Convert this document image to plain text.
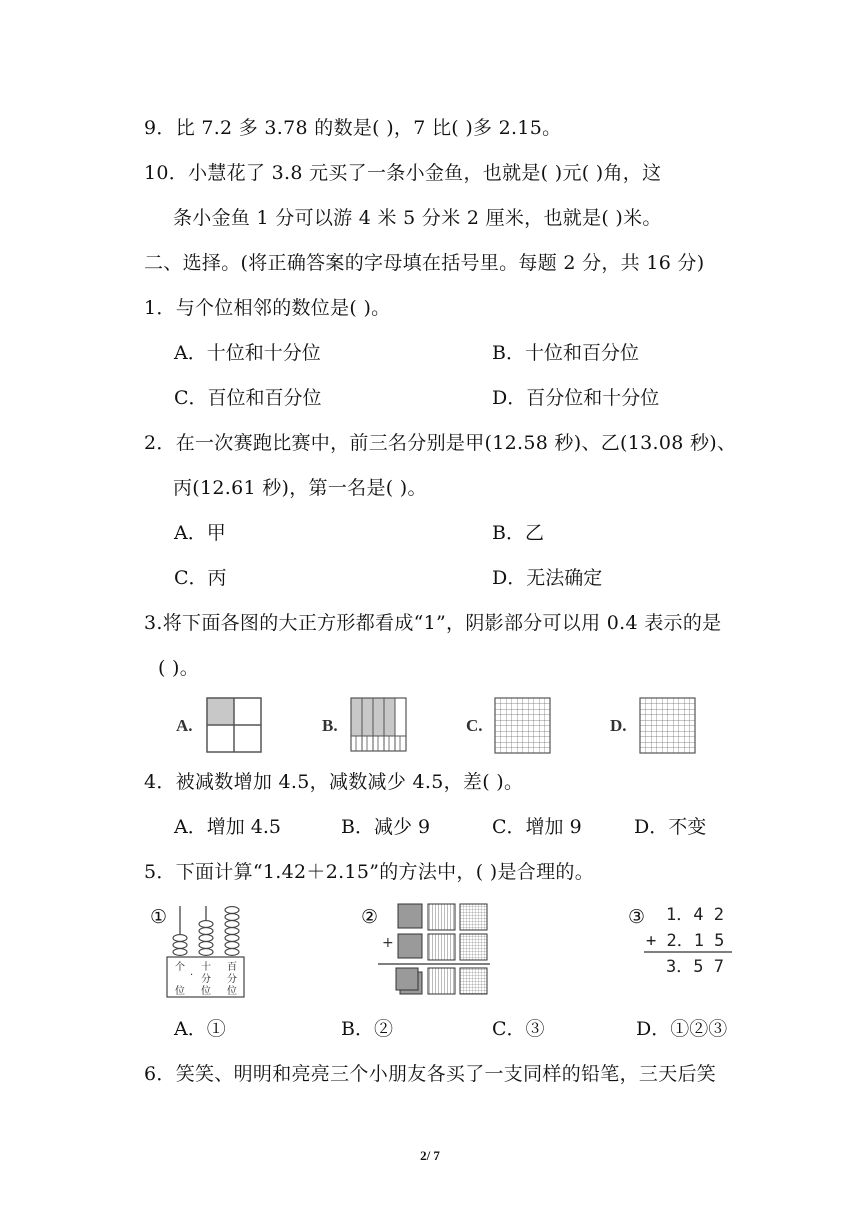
9．比 7.2 多 3.78 的数是( )，7 比( )多 2.15。
10．小慧花了 3.8 元买了一条小金鱼，也就是( )元( )角，这
条小金鱼 1 分可以游 4 米 5 分米 2 厘米，也就是( )米。
二、选择。(将正确答案的字母填在括号里。每题 2 分，共 16 分)
1．与个位相邻的数位是( )。
A．十位和十分位	B．十位和百分位
C．百位和百分位	D．百分位和十分位
2．在一次赛跑比赛中，前三名分别是甲(12.58 秒)、乙(13.08 秒)、
丙(12.61 秒)，第一名是( )。
A．甲	B．乙
C．丙	D．无法确定
3.将下面各图的大正方形都看成“1”，阴影部分可以用 0.4 表示的是
( )。
A.	B.	C.	D.
4．被减数增加 4.5，减数减少 4.5，差( )。
A．增加 4.5	B．减少 9	C．增加 9	D．不变
5．下面计算“1.42＋2.15”的方法中，( )是合理的。
①
个
位
·
十
分
位
百
分
位
②
+
③ 1．4 2
+ 2．1 5
3．5 7
A．①	B．②	C．③	D．①②③
6．笑笑、明明和亮亮三个小朋友各买了一支同样的铅笔，三天后笑
2/ 7
